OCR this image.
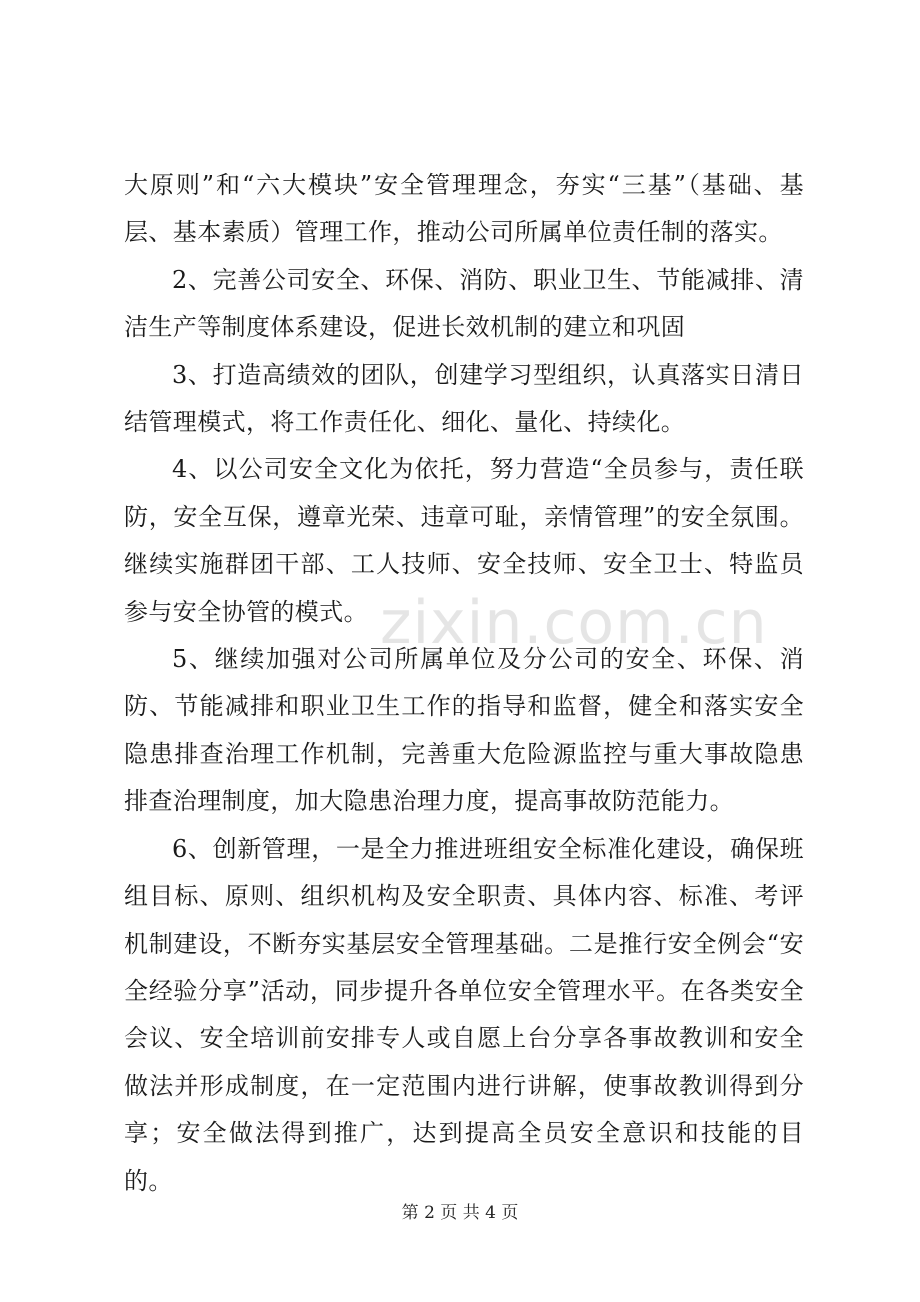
大原则”和“六大模块”安全管理理念，夯实“三基”（基础、基层、基本素质）管理工作，推动公司所属单位责任制的落实。

2、完善公司安全、环保、消防、职业卫生、节能减排、清洁生产等制度体系建设，促进长效机制的建立和巩固

3、打造高绩效的团队，创建学习型组织，认真落实日清日结管理模式，将工作责任化、细化、量化、持续化。

4、以公司安全文化为依托，努力营造“全员参与，责任联防，安全互保，遵章光荣、违章可耻，亲情管理”的安全氛围。继续实施群团干部、工人技师、安全技师、安全卫士、特监员参与安全协管的模式。

5、继续加强对公司所属单位及分公司的安全、环保、消防、节能减排和职业卫生工作的指导和监督，健全和落实安全隐患排查治理工作机制，完善重大危险源监控与重大事故隐患排查治理制度，加大隐患治理力度，提高事故防范能力。

6、创新管理，一是全力推进班组安全标准化建设，确保班组目标、原则、组织机构及安全职责、具体内容、标准、考评机制建设，不断夯实基层安全管理基础。二是推行安全例会“安全经验分享”活动，同步提升各单位安全管理水平。在各类安全会议、安全培训前安排专人或自愿上台分享各事故教训和安全做法并形成制度，在一定范围内进行讲解，使事故教训得到分享；安全做法得到推广，达到提高全员安全意识和技能的目的。

zixin.com.cn
第 2 页 共 4 页
